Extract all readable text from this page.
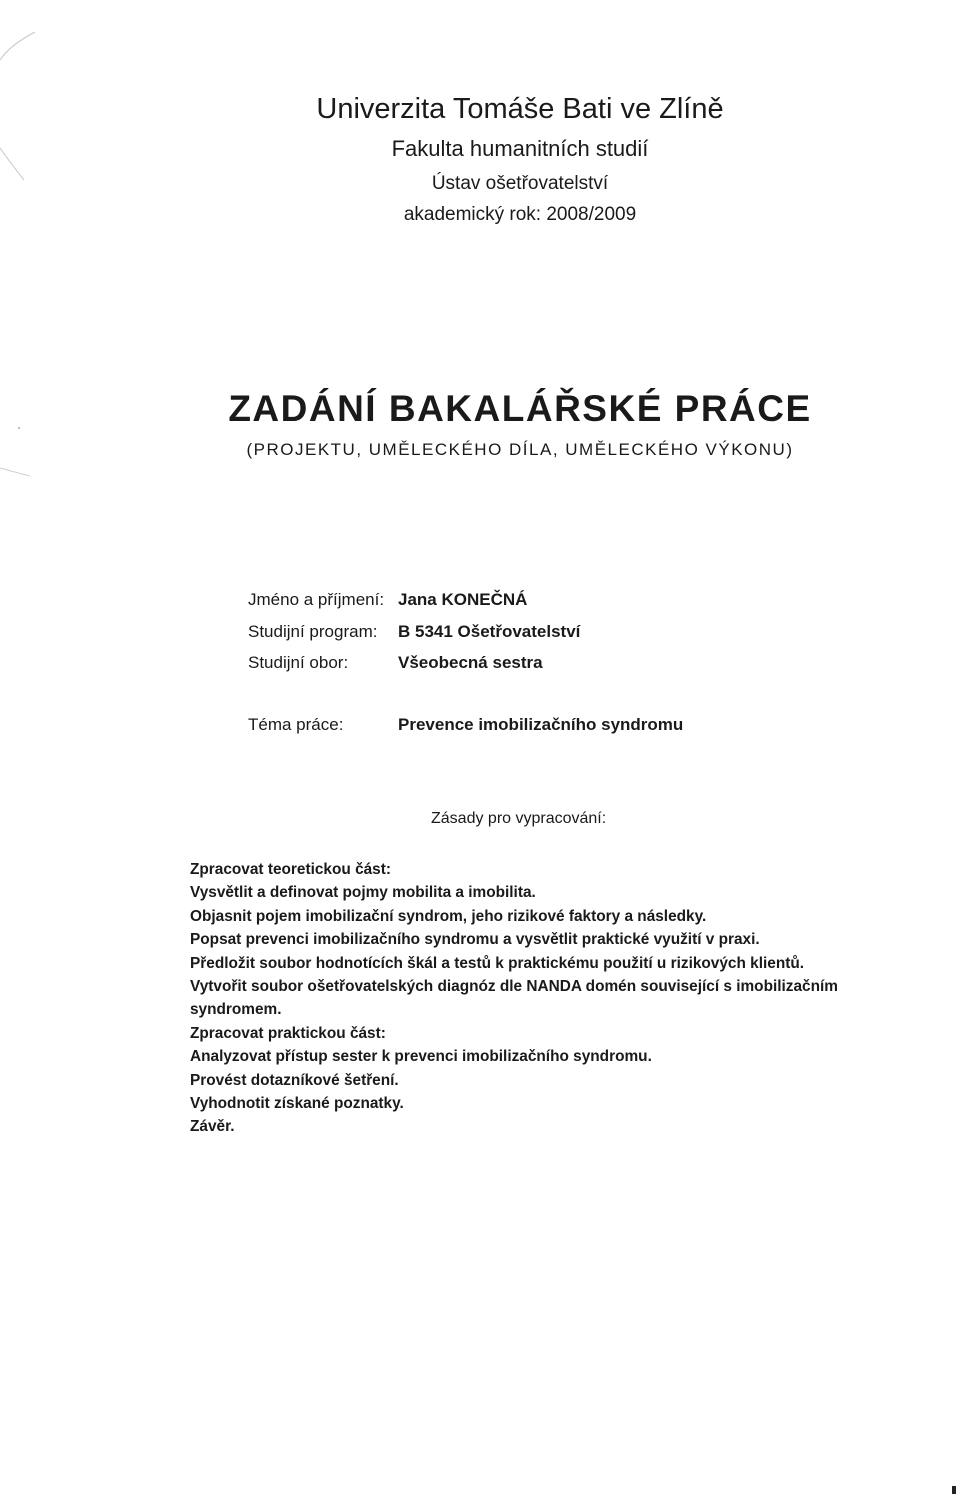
Univerzita Tomáše Bati ve Zlíně
Fakulta humanitních studií
Ústav ošetřovatelství
akademický rok: 2008/2009
ZADÁNÍ BAKALÁŘSKÉ PRÁCE
(PROJEKTU, UMĚLECKÉHO DÍLA, UMĚLECKÉHO VÝKONU)
Jméno a příjmení: Jana KONEČNÁ
Studijní program: B 5341 Ošetřovatelství
Studijní obor:	Všeobecná sestra
Téma práce:	Prevence imobilizačního syndromu
Zásady pro vypracování:
Zpracovat teoretickou část:
Vysvětlit a definovat pojmy mobilita a imobilita.
Objasnit pojem imobilizační syndrom, jeho rizikové faktory a následky.
Popsat prevenci imobilizačního syndromu a vysvětlit praktické využití v praxi.
Předložit soubor hodnotících škál a testů k praktickému použití u rizikových klientů.
Vytvořit soubor ošetřovatelských diagnóz dle NANDA domén související s imobilizačním
syndromem.
Zpracovat praktickou část:
Analyzovat přístup sester k prevenci imobilizačního syndromu.
Provést dotazníkové šetření.
Vyhodnotit získané poznatky.
Závěr.
